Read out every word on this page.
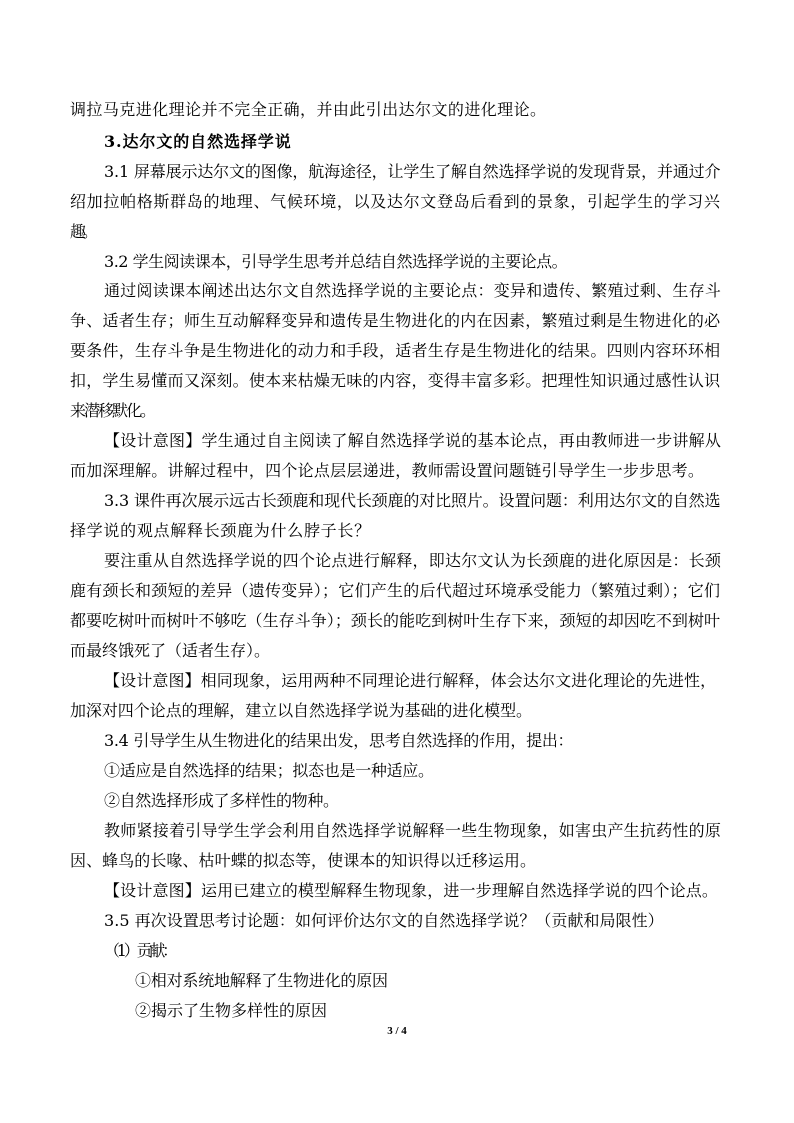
调拉马克进化理论并不完全正确，并由此引出达尔文的进化理论。
3.达尔文的自然选择学说
3.1 屏幕展示达尔文的图像，航海途径，让学生了解自然选择学说的发现背景，并通过介
绍加拉帕格斯群岛的地理、气候环境，以及达尔文登岛后看到的景象，引起学生的学习兴
趣。
3.2 学生阅读课本，引导学生思考并总结自然选择学说的主要论点。
通过阅读课本阐述出达尔文自然选择学说的主要论点：变异和遗传、繁殖过剩、生存斗
争、适者生存；师生互动解释变异和遗传是生物进化的内在因素，繁殖过剩是生物进化的必
要条件，生存斗争是生物进化的动力和手段，适者生存是生物进化的结果。四则内容环环相
扣，学生易懂而又深刻。使本来枯燥无味的内容，变得丰富多彩。把理性知识通过感性认识
来潜移默化。
【设计意图】学生通过自主阅读了解自然选择学说的基本论点，再由教师进一步讲解从
而加深理解。讲解过程中，四个论点层层递进，教师需设置问题链引导学生一步步思考。
3.3 课件再次展示远古长颈鹿和现代长颈鹿的对比照片。设置问题：利用达尔文的自然选
择学说的观点解释长颈鹿为什么脖子长？
要注重从自然选择学说的四个论点进行解释，即达尔文认为长颈鹿的进化原因是：长颈
鹿有颈长和颈短的差异（遗传变异）；它们产生的后代超过环境承受能力（繁殖过剩）；它们
都要吃树叶而树叶不够吃（生存斗争）；颈长的能吃到树叶生存下来，颈短的却因吃不到树叶
而最终饿死了（适者生存）。
【设计意图】相同现象，运用两种不同理论进行解释，体会达尔文进化理论的先进性，
加深对四个论点的理解，建立以自然选择学说为基础的进化模型。
3.4 引导学生从生物进化的结果出发，思考自然选择的作用，提出：
①适应是自然选择的结果；拟态也是一种适应。
②自然选择形成了多样性的物种。
教师紧接着引导学生学会利用自然选择学说解释一些生物现象，如害虫产生抗药性的原
因、蜂鸟的长喙、枯叶蝶的拟态等，使课本的知识得以迁移运用。
【设计意图】运用已建立的模型解释生物现象，进一步理解自然选择学说的四个论点。
3.5 再次设置思考讨论题：如何评价达尔文的自然选择学说？（贡献和局限性）
（1）贡献：
①相对系统地解释了生物进化的原因
②揭示了生物多样性的原因
3 / 4
